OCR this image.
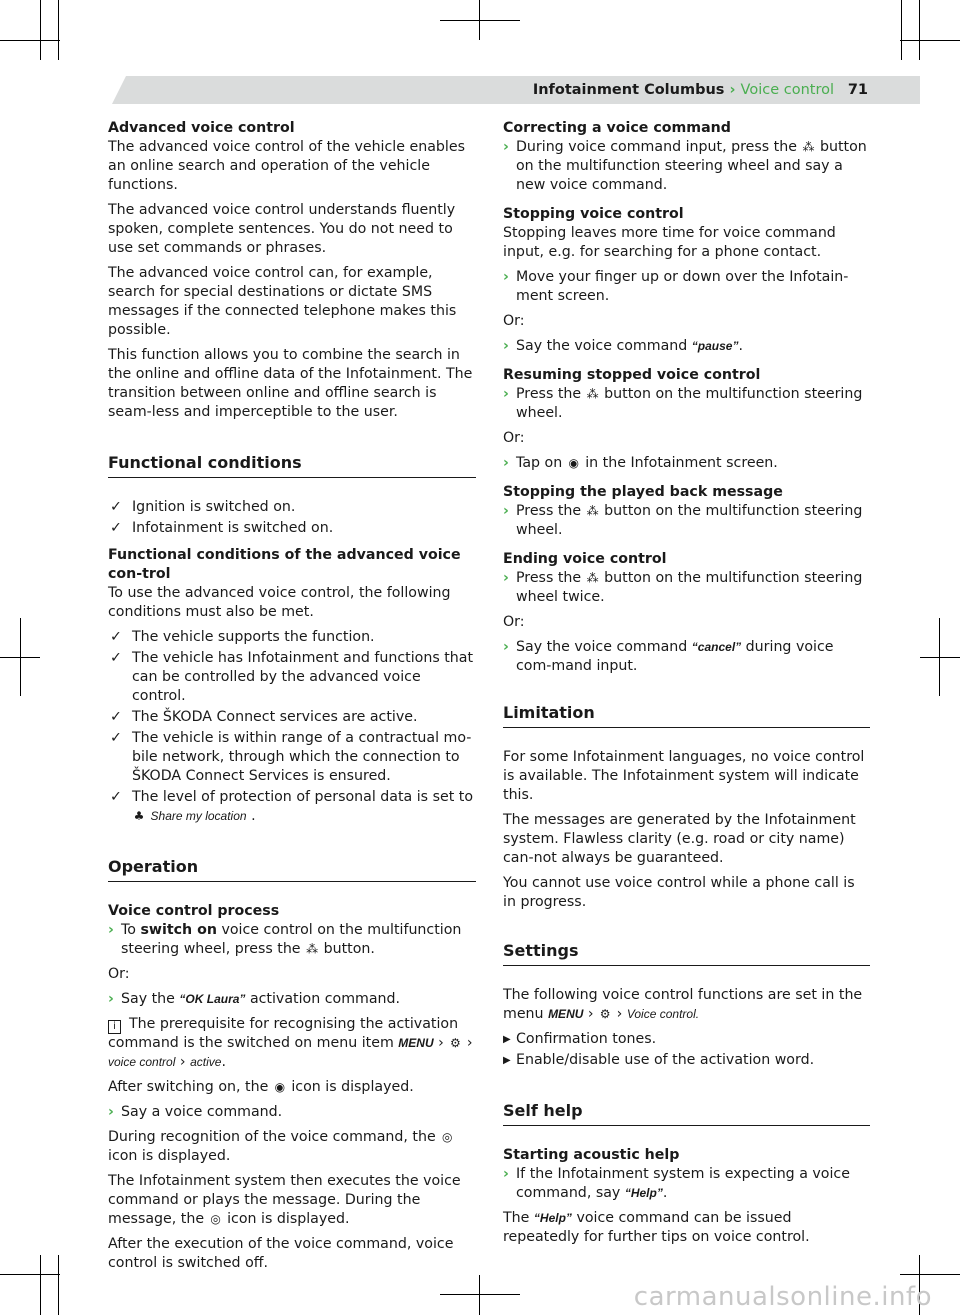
Infotainment Columbus › Voice control 71
Advanced voice control

The advanced voice control of the vehicle enables an online search and operation of the vehicle functions.

The advanced voice control understands fluently spoken, complete sentences. You do not need to use set commands or phrases.

The advanced voice control can, for example, search for special destinations or dictate SMS messages if the connected telephone makes this possible.

This function allows you to combine the search in the online and offline data of the Infotainment. The transition between online and offline search is seam-less and imperceptible to the user.

Functional conditions
✓ Ignition is switched on.
✓ Infotainment is switched on.
Functional conditions of the advanced voice con-trol

To use the advanced voice control, the following conditions must also be met.

✓ The vehicle supports the function.
✓ The vehicle has Infotainment and functions that can be controlled by the advanced voice control.
✓ The ŠKODA Connect services are active.
✓ The vehicle is within range of a contractual mo-bile network, through which the connection to ŠKODA Connect Services is ensured.
✓ The level of protection of personal data is set to
♣ Share my location .
Operation
Voice control process
› To switch on voice control on the multifunction steering wheel, press the ⁂ button.

Or:

› Say the “OK Laura” activation command.

i The prerequisite for recognising the activation command is the switched on menu item MENU › ⚙ ›
voice control › active.

After switching on, the ◉ icon is displayed.

› Say a voice command.

During recognition of the voice command, the ◎
icon is displayed.

The Infotainment system then executes the voice command or plays the message. During the message, the ◎ icon is displayed.

After the execution of the voice command, voice control is switched off.

Correcting a voice command
› During voice command input, press the ⁂ button on the multifunction steering wheel and say a new voice command.
Stopping voice control

Stopping leaves more time for voice command input, e.g. for searching for a phone contact.

› Move your finger up or down over the Infotain-ment screen.

Or:

› Say the voice command “pause”.
Resuming stopped voice control
› Press the ⁂ button on the multifunction steering wheel.

Or:

› Tap on ◉ in the Infotainment screen.
Stopping the played back message
› Press the ⁂ button on the multifunction steering wheel.
Ending voice control
› Press the ⁂ button on the multifunction steering wheel twice.

Or:

› Say the voice command “cancel” during voice com-mand input.
Limitation

For some Infotainment languages, no voice control is available. The Infotainment system will indicate this.

The messages are generated by the Infotainment system. Flawless clarity (e.g. road or city name) can-not always be guaranteed.

You cannot use voice control while a phone call is in progress.

Settings

The following voice control functions are set in the menu MENU › ⚙ › Voice control.

▶ Confirmation tones.
▶ Enable/disable use of the activation word.
Self help
Starting acoustic help
› If the Infotainment system is expecting a voice command, say “Help”.

The “Help” voice command can be issued repeatedly for further tips on voice control.

carmanualsonline.info
